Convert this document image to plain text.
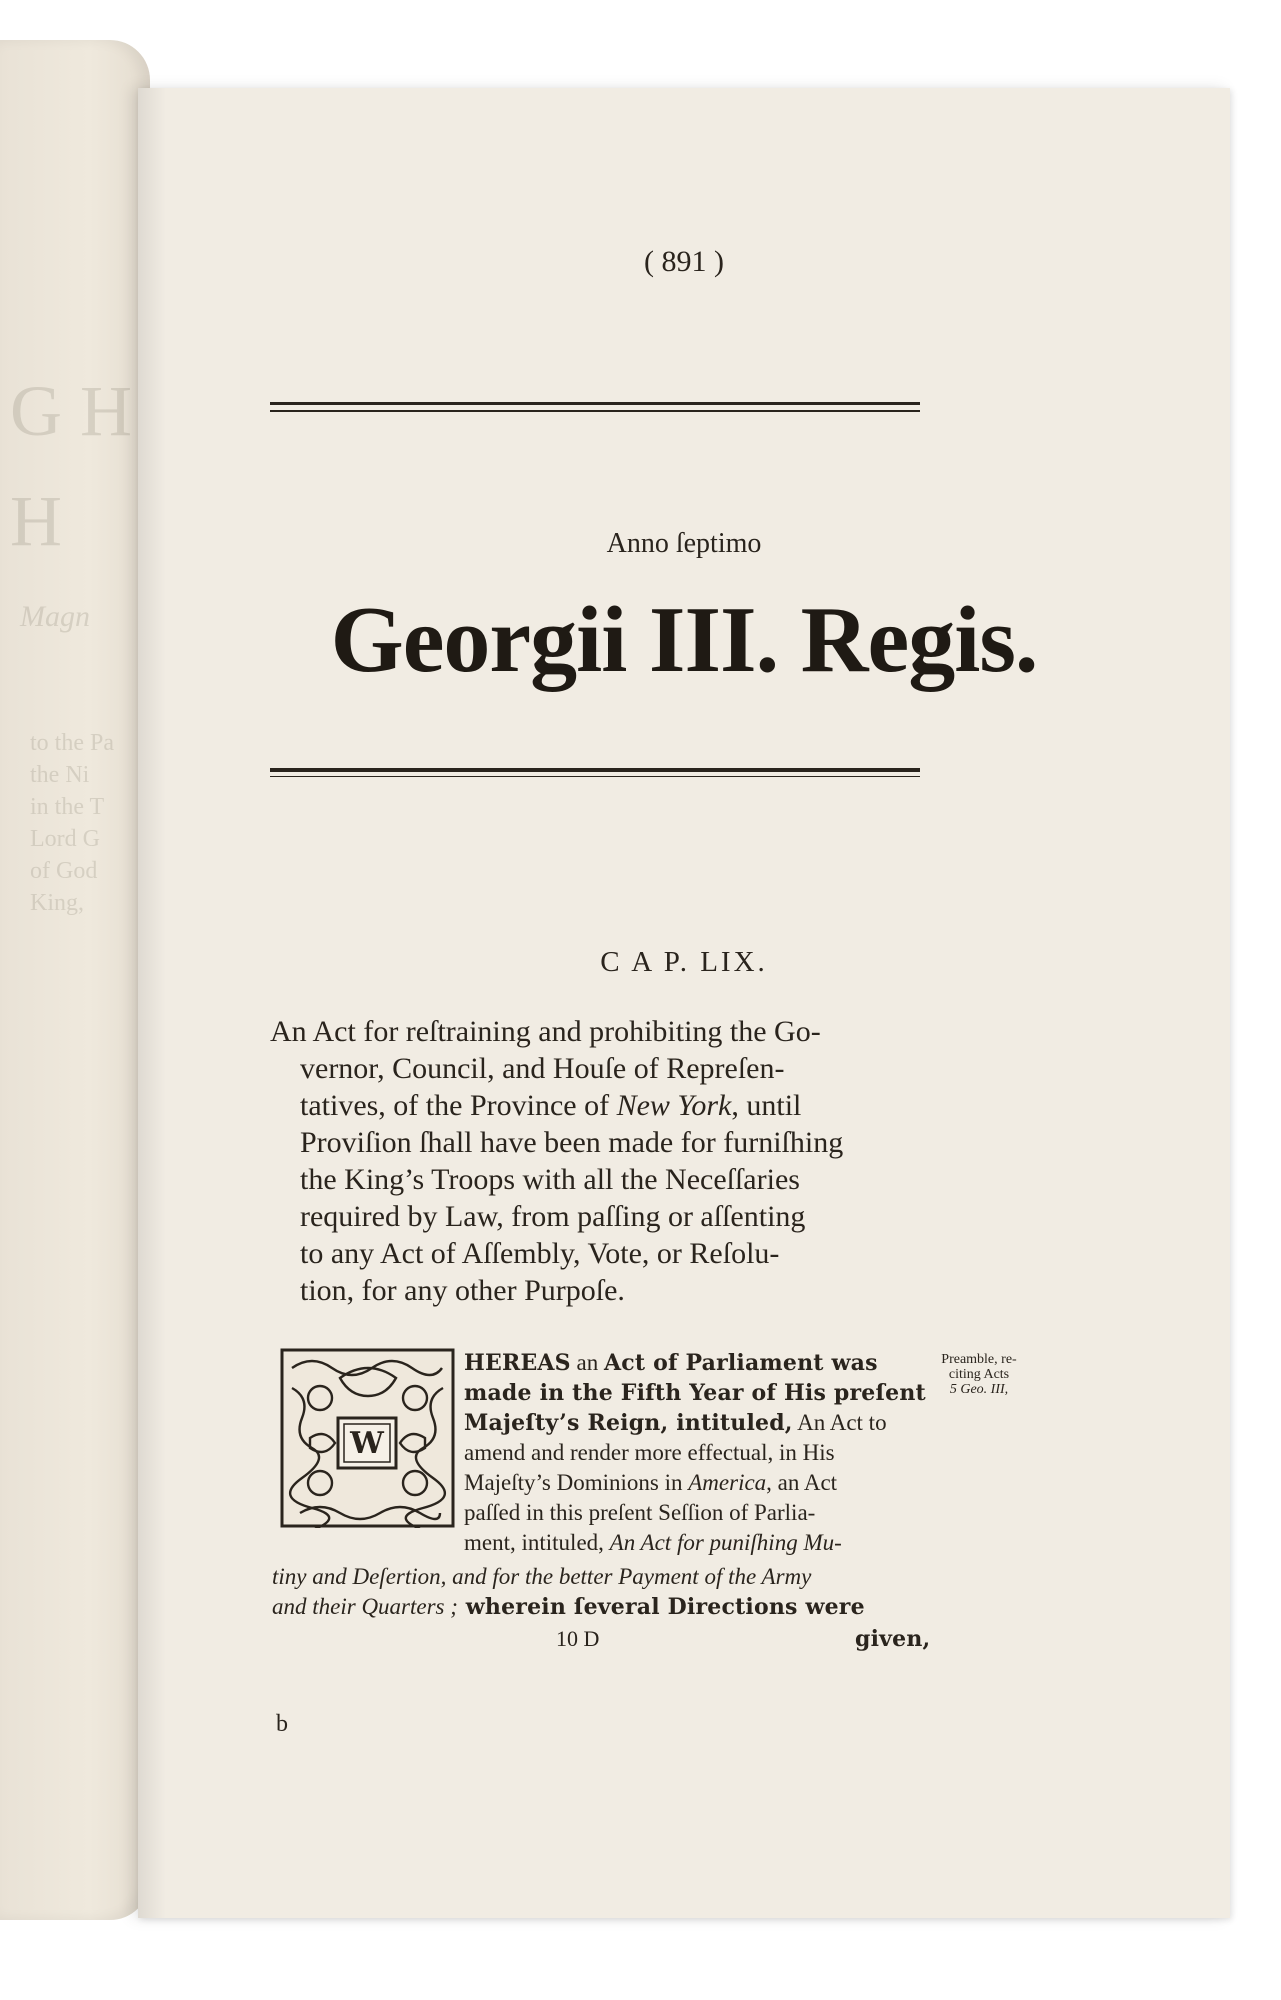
G H
H
Magn
to the Pa
the Ni
in the T
Lord G
of God
King,
( 891 )
Anno ſeptimo
Georgii III. Regis.
C A P. LIX.
An Act for reſtraining and prohibiting the Go-
vernor, Council, and Houſe of Repreſen-
tatives, of the Province of New York, until
Proviſion ſhall have been made for furniſhing
the King’s Troops with all the Neceſſaries
required by Law, from paſſing or aſſenting
to any Act of Aſſembly, Vote, or Reſolu-
tion, for any other Purpoſe.
W
HEREAS an Act of Parliament was
made in the Fifth Year of His preſent
Majeſty’s Reign, intituled, An Act to
amend and render more effectual, in His
Majeſty’s Dominions in America, an Act
paſſed in this preſent Seſſion of Parlia-
ment, intituled, An Act for puniſhing Mu-
tiny and Deſertion, and for the better Payment of the Army
and their Quarters ; wherein ſeveral Directions were
10 D	given,
Preamble, re-
citing Acts
5 Geo. III,
b
